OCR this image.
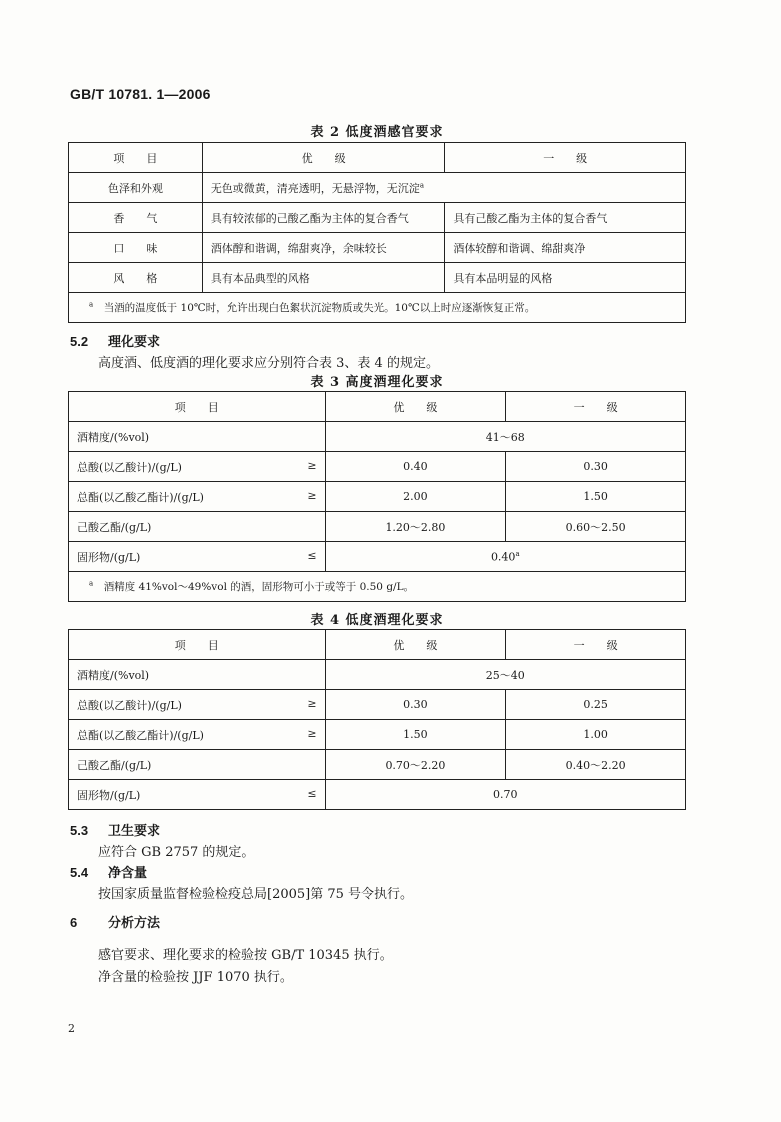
GB/T 10781. 1—2006
表 2 低度酒感官要求
项　　目	优　　级	一　　级
色泽和外观	无色或微黄，清亮透明，无悬浮物，无沉淀$^a$
香　　气	具有较浓郁的己酸乙酯为主体的复合香气	具有己酸乙酯为主体的复合香气
口　　味	酒体醇和谐调，绵甜爽净，余味较长	酒体较醇和谐调、绵甜爽净
风　　格	具有本品典型的风格	具有本品明显的风格
$^a$　 当酒的温度低于 10℃时，允许出现白色絮状沉淀物质或失光。10℃以上时应逐渐恢复正常。		
5.2 理化要求
高度酒、低度酒的理化要求应分别符合表 3、表 4 的规定。
表 3 高度酒理化要求
项　　目	优　　级	一　　级
酒精度/(%vol)	41～68	
总酸(以乙酸计)/(g/L) ≥	0.40	0.30
总酯(以乙酸乙酯计)/(g/L) ≥	2.00	1.50
己酸乙酯/(g/L)	1.20～2.80	0.60～2.50
固形物/(g/L) ≤	0.40$^a$
$^a$　 酒精度 41%vol～49%vol 的酒，固形物可小于或等于 0.50 g/L。		
表 4 低度酒理化要求
项　　目	优　　级	一　　级
酒精度/(%vol)	25～40	
总酸(以乙酸计)/(g/L) ≥	0.30	0.25
总酯(以乙酸乙酯计)/(g/L) ≥	1.50	1.00
己酸乙酯/(g/L)	0.70～2.20	0.40～2.20
固形物/(g/L) ≤	0.70	
5.3 卫生要求
应符合 GB 2757 的规定。
5.4 净含量
按国家质量监督检验检疫总局[2005]第 75 号令执行。
6 分析方法
感官要求、理化要求的检验按 GB/T 10345 执行。
净含量的检验按 JJF 1070 执行。
2
